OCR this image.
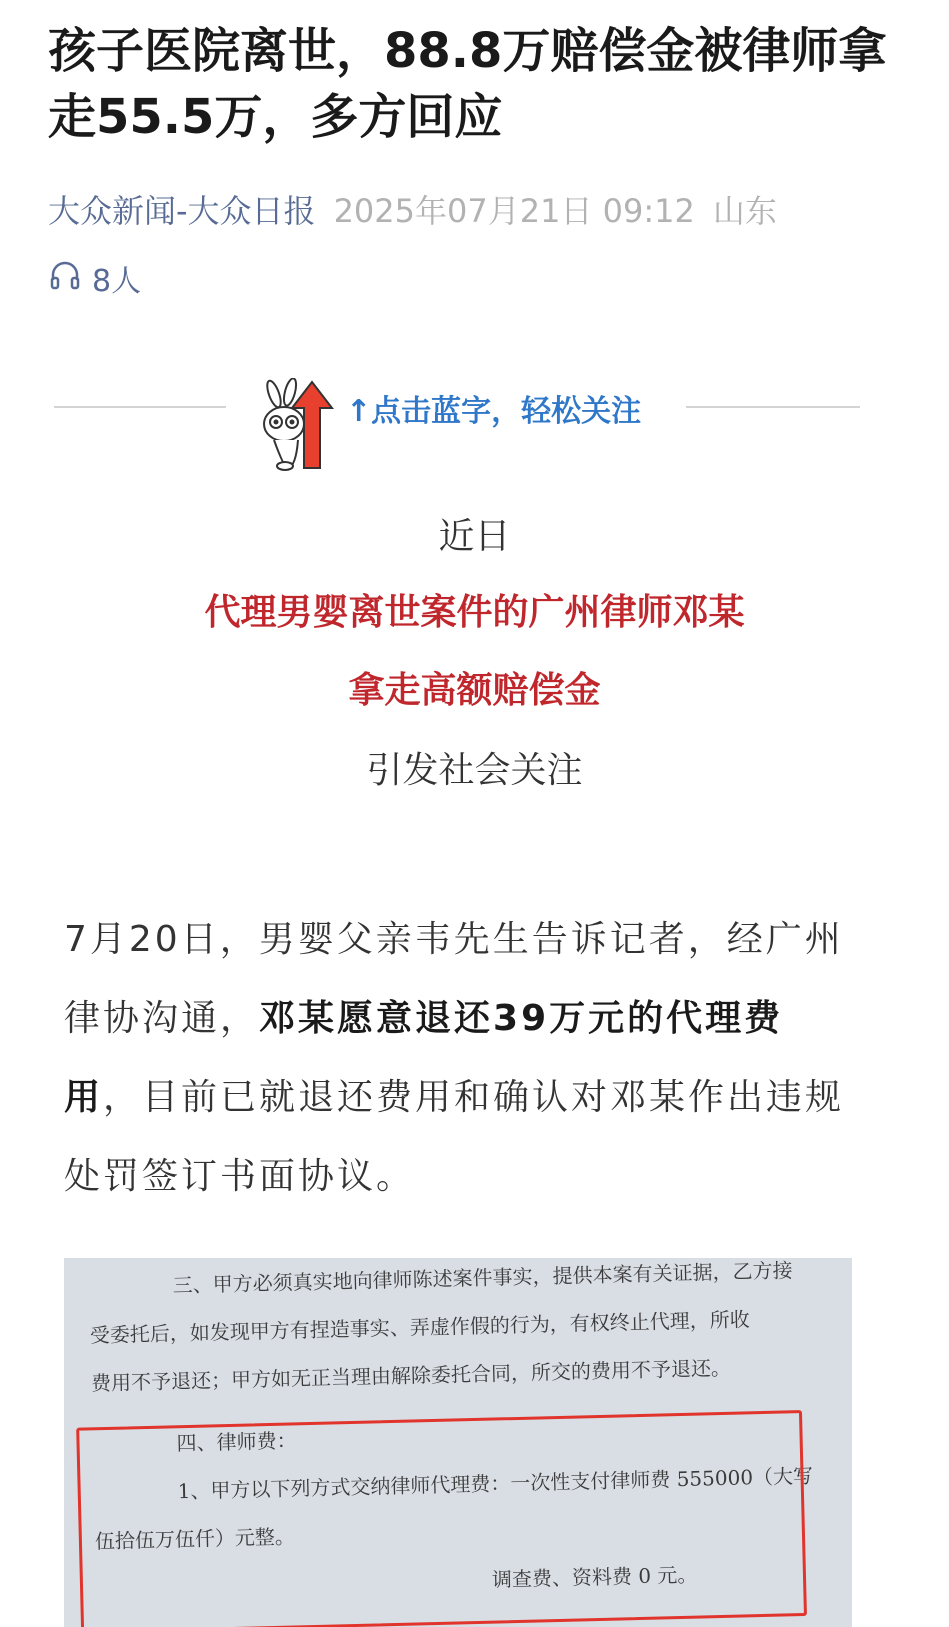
孩子医院离世，88.8万赔偿金被律师拿走55.5万，多方回应
大众新闻-大众日报 2025年07月21日 09:12 山东
8人
↑点击蓝字，轻松关注
近日
代理男婴离世案件的广州律师邓某
拿走高额赔偿金
引发社会关注

7月20日，男婴父亲韦先生告诉记者，经广州律协沟通，邓某愿意退还39万元的代理费用，目前已就退还费用和确认对邓某作出违规处罚签订书面协议。

三、甲方必须真实地向律师陈述案件事实，提供本案有关证据，乙方接
受委托后，如发现甲方有捏造事实、弄虚作假的行为，有权终止代理，所收
费用不予退还；甲方如无正当理由解除委托合同，所交的费用不予退还。
四、律师费：
1、甲方以下列方式交纳律师代理费：一次性支付律师费 555000（大写
伍拾伍万伍仟）元整。
调查费、资料费 0 元。
